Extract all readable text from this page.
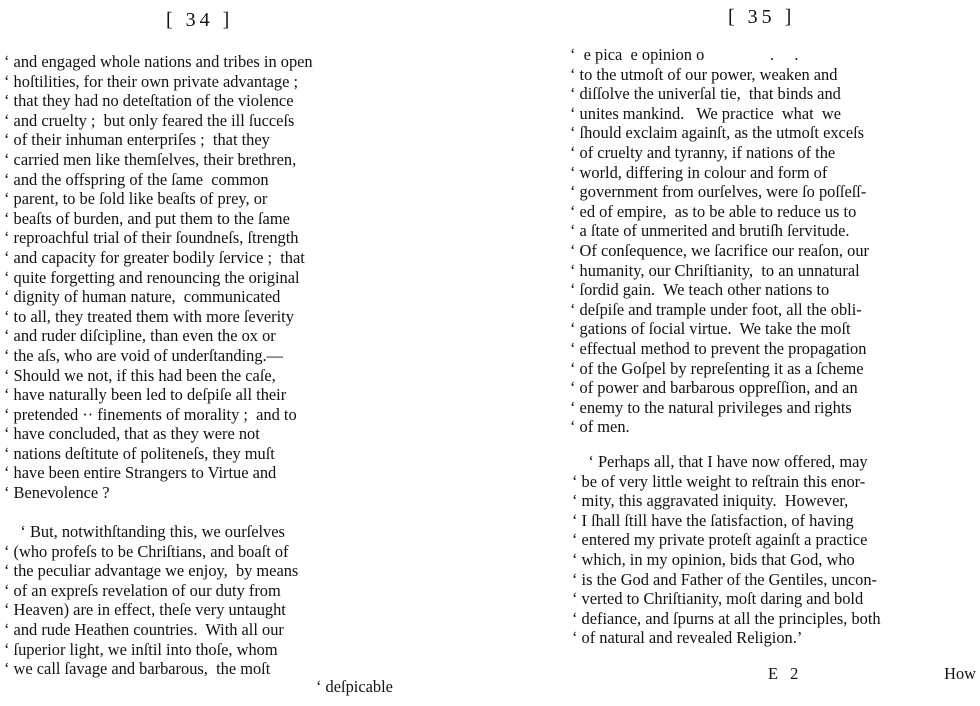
[ 34 ]
‘ and engaged whole nations and tribes in open
‘ hoſtilities, for their own private advantage ;
‘ that they had no deteſtation of the violence
‘ and cruelty ;  but only feared the ill ſucceſs
‘ of their inhuman enterpriſes ;  that they
‘ carried men like themſelves, their brethren,
‘ and the offspring of the ſame  common
‘ parent, to be ſold like beaſts of prey, or
‘ beaſts of burden, and put them to the ſame
‘ reproachful trial of their ſoundneſs, ſtrength
‘ and capacity for greater bodily ſervice ;  that
‘ quite forgetting and renouncing the original
‘ dignity of human nature,  communicated
‘ to all, they treated them with more ſeverity
‘ and ruder diſcipline, than even the ox or
‘ the aſs, who are void of underſtanding.—
‘ Should we not, if this had been the caſe,
‘ have naturally been led to deſpiſe all their
‘ pretended ·· finements of morality ;  and to
‘ have concluded, that as they were not
‘ nations deſtitute of politeneſs, they muſt
‘ have been entire Strangers to Virtue and
‘ Benevolence ?
‘ But, notwithſtanding this, we ourſelves
‘ (who profeſs to be Chriſtians, and boaſt of
‘ the peculiar advantage we enjoy,  by means
‘ of an expreſs revelation of our duty from
‘ Heaven) are in effect, theſe very untaught
‘ and rude Heathen countries.  With all our
‘ ſuperior light, we inſtil into thoſe, whom
‘ we call ſavage and barbarous,  the moſt
‘ deſpicable
[ 35 ]
‘  e pica  e opinion o                .     .
‘ to the utmoſt of our power, weaken and
‘ diſſolve the univerſal tie,  that binds and
‘ unites mankind.   We practice  what  we
‘ ſhould exclaim againſt, as the utmoſt exceſs
‘ of cruelty and tyranny, if nations of the
‘ world, differing in colour and form of
‘ government from ourſelves, were ſo poſſeſſ-
‘ ed of empire,  as to be able to reduce us to
‘ a ſtate of unmerited and brutiſh ſervitude.
‘ Of conſequence, we ſacrifice our reaſon, our
‘ humanity, our Chriſtianity,  to an unnatural
‘ ſordid gain.  We teach other nations to
‘ deſpiſe and trample under foot, all the obli-
‘ gations of ſocial virtue.  We take the moſt
‘ effectual method to prevent the propagation
‘ of the Goſpel by repreſenting it as a ſcheme
‘ of power and barbarous oppreſſion, and an
‘ enemy to the natural privileges and rights
‘ of men.
‘ Perhaps all, that I have now offered, may
‘ be of very little weight to reſtrain this enor-
‘ mity, this aggravated iniquity.  However,
‘ I ſhall ſtill have the ſatisfaction, of having
‘ entered my private proteſt againſt a practice
‘ which, in my opinion, bids that God, who
‘ is the God and Father of the Gentiles, uncon-
‘ verted to Chriſtianity, moſt daring and bold
‘ defiance, and ſpurns at all the principles, both
‘ of natural and revealed Religion.’
E 2	How
